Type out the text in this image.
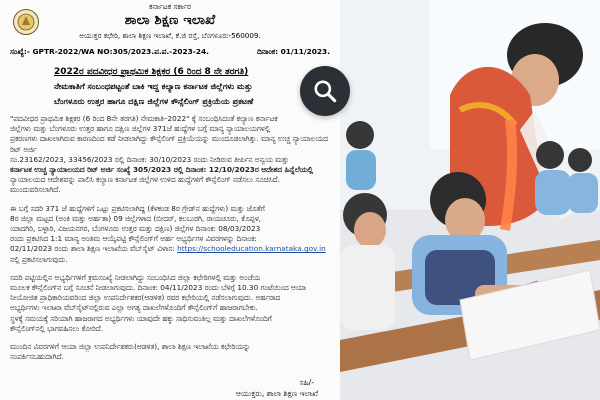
ಕರ್ನಾಟಕ ಸರ್ಕಾರ
ಶಾಲಾ ಶಿಕ್ಷಣ ಇಲಾಖೆ
ಆಯುಕ್ತರ ಕಛೇರಿ, ಶಾಲಾ ಶಿಕ್ಷಣ ಇಲಾಖೆ, ಕೆ.ಜಿ ರಸ್ತೆ, ಬೆಂಗಳೂರು-560009.
ಸಂಖ್ಯೆ:- GPTR-2022/WA NO:305/2023.ಪ.ಪ.-2023-24.	ದಿನಾಂಕ: 01/11/2023.
2022ರ ಪದವೀಧರ ಪ್ರಾಥಮಿಕ ಶಿಕ್ಷಕರ (6 ರಿಂದ 8 ನೇ ತರಗತಿ)
ನೇಮಕಾತಿಗೆ ಸಂಬಂಧಪಟ್ಟಂತೆ ಬಾಕಿ ಇದ್ದ ಕಲ್ಯಾಣ ಕರ್ನಾಟಕ ಜಿಲ್ಲೆಗಳು ಮತ್ತು
ಬೆಂಗಳೂರು ಉತ್ತರ ಹಾಗೂ ದಕ್ಷಿಣ ಜಿಲ್ಲೆಗಳ ಕೌನ್ಸೆಲಿಂಗ್ ಪ್ರಕ್ರಿಯೆಯ ಪ್ರಕಟಣೆ

"ಪದವೀಧರ ಪ್ರಾಥಮಿಕ ಶಿಕ್ಷಕರ (6 ರಿಂದ 8ನೇ ತರಗತಿ) ನೇಮಕಾತಿ–2022" ಕ್ಕೆ ಸಂಬಂಧಿಸಿದಂತೆ ಕಲ್ಯಾಣ ಕರ್ನಾಟಕ

ಜಿಲ್ಲೆಗಳು ಮತ್ತು ಬೆಂಗಳೂರು ಉತ್ತರ ಹಾಗೂ ದಕ್ಷಿಣ ಜಿಲ್ಲೆಗಳ 371ಜೆ ಹುದ್ದೆಗಳ ಬಗ್ಗೆ ಮಾನ್ಯ ನ್ಯಾಯಾಲಯಗಳಲ್ಲಿ

ಪ್ರಕರಣಗಳು ದಾಖಲಾಗಿರುವ ಕಾರಣದಿಂದ ತಡೆ ನೀಡಲಾಗಿದ್ದು ಕೌನ್ಸೆಲಿಂಗ್ ಪ್ರಕ್ರಿಯೆಯನ್ನು ಮುಂದೂಡಲಾಗಿತ್ತು. ಮಾನ್ಯ ಉಚ್ಚ ನ್ಯಾಯಾಲಯದ ರಿಟ್ ಅರ್ಜಿ

ಸಂ.23162/2023, 33456/2023 ರಲ್ಲಿ ದಿನಾಂಕ: 30/10/2023 ರಂದು ನೀಡಿರುವ ತೀರ್ಪಿನ ಅನ್ವಯ ಮತ್ತು

ಕರ್ನಾಟಕ ಉಚ್ಚ ನ್ಯಾಯಾಲಯದ ರಿಟ್ ಅರ್ಜಿ ಸಂಖ್ಯೆ 305/2023 ರಲ್ಲಿ ದಿನಾಂಕ: 12/10/2023ರ ಆದೇಶದ ಹಿನ್ನೆಲೆಯಲ್ಲಿ

ನ್ಯಾಯಾಲಯದ ಆದೇಶವನ್ನು ಪಾಲಿಸಿ ಕಲ್ಯಾಣ ಕರ್ನಾಟಕ ಜಿಲ್ಲೆಗಳ ಉಳಿದ ಹುದ್ದೆಗಳಿಗೆ ಕೌನ್ಸೆಲಿಂಗ್ ನಡೆಸಲು ಸೂಚಿಸಿದೆ.

ಮುಂದುವರಿಸಲಾಗಿದೆ.

ಈ ಬಗ್ಗೆ ಸದರಿ 371 ಜೆ ಹುದ್ದೆಗಳಿಗೆ ಒಟ್ಟು ಪ್ರಕಟಿಸಲಾಗಿದ್ದ (ಕೆಳಕಂಡ 8ರ ಗ್ರೇಡ್‌ನ ಹುದ್ದೆಗಳು) ಮತ್ತು ಜೊತೆಗೆ

8ರ ಜಿಲ್ಲಾ ಮಟ್ಟದ (ಅಂಕಿ ಮತ್ತು ಅರ್ಹತಾ) 09 ಜಿಲ್ಲೆಗಳಾದ (ಬೀದರ್, ಕಲಬುರಗಿ, ರಾಯಚೂರು, ಕೊಪ್ಪಳ,

ಯಾದಗಿರಿ, ಬಳ್ಳಾರಿ, ವಿಜಯನಗರ, ಬೆಂಗಳೂರು ಉತ್ತರ ಮತ್ತು ದಕ್ಷಿಣ) ಜಿಲ್ಲೆಗಳ ದಿನಾಂಕ: 08/03/2023

ರಂದು ಪ್ರಕಟಿಸಿದ 1:1 ಮಾನ್ಯ ಅಂತಿಮ ಆಯ್ಕೆಪಟ್ಟಿ ಕೌನ್ಸೆಲಿಂಗ್‌ಗೆ ಅರ್ಹ ಅಭ್ಯರ್ಥಿಗಳ ವಿವರಗಳನ್ನು ದಿನಾಂಕ:

02/11/2023 ರಂದು ಶಾಲಾ ಶಿಕ್ಷಣ ಇಲಾಖೆಯ ವೆಬ್‌ಸೈಟ್ ವಿಳಾಸ: https://schooleducation.karnataka.gov.in

ನಲ್ಲಿ ಪ್ರಕಟಿಸಲಾಗುವುದು.

ಸದರಿ ಪಟ್ಟಿಯಲ್ಲಿನ ಅಭ್ಯರ್ಥಿಗಳಿಗೆ ಕ್ರಮಸಂಖ್ಯೆ ನೀಡಲಾಗಿದ್ದು ಸಂಬಂಧಿಸಿದ ಜಿಲ್ಲಾ ಕಛೇರಿಗಳಲ್ಲಿ ಮತ್ತು ಅಂಚೆಯ

ಮೂಲಕ ಕೌನ್ಸೆಲಿಂಗ್‌ನ ಬಗ್ಗೆ ಸೂಚನೆ ನೀಡಲಾಗುವುದು. ದಿನಾಂಕ: 04/11/2023 ರಂದು ಬೆಳಿಗ್ಗೆ 10.30 ಗಂಟೆಯಿಂದ ಆಯಾ

ನೀಯೋಜಿತ ಪ್ರಾಧಿಕಾರಿಯವರಿಂದ ಜಿಲ್ಲಾ ಉಪನಿರ್ದೇಶಕರ(ಆಡಳಿತ) ರವರ ಕಛೇರಿಯಲ್ಲಿ ನಡೆಸಲಾಗುವುದು. ಅರ್ಹರಾದ

ಅಭ್ಯರ್ಥಿಗಳು ಇಲಾಖಾ ವೆಬ್‌ಸೈಟ್‌ನಲ್ಲಿರುವ ಎಲ್ಲಾ ಅಗತ್ಯ ದಾಖಲೆಗಳೊಂದಿಗೆ ಕೌನ್ಸೆಲಿಂಗ್‌ಗೆ ಹಾಜರಾಗಬೇಕು.

ಸ್ಥಳಕ್ಕೆ ಸಮಯಕ್ಕೆ ಸರಿಯಾಗಿ ಹಾಜರಾಗದ ಅಭ್ಯರ್ಥಿಗಳು ಯಾವುದೇ ಹಕ್ಕು ಸಾಧಿಸುವಂತಿಲ್ಲ ಮತ್ತು ದಾಖಲೆಗಳೊಂದಿಗೆ

ಕೌನ್ಸೆಲಿಂಗ್‌ನಲ್ಲಿ ಭಾಗವಹಿಸಲು ಕೋರಿದೆ.

ಮುಂದಿನ ವಿವರಗಳಿಗೆ ಆಯಾ ಜಿಲ್ಲಾ ಉಪನಿರ್ದೇಶಕರು(ಆಡಳಿತ), ಶಾಲಾ ಶಿಕ್ಷಣ ಇಲಾಖೆಯ ಕಛೇರಿಯನ್ನು

ಸಂಪರ್ಕಿಸಬಹುದಾಗಿದೆ.

ಸಹಿ/-
ಆಯುಕ್ತರು, ಶಾಲಾ ಶಿಕ್ಷಣ ಇಲಾಖೆ
